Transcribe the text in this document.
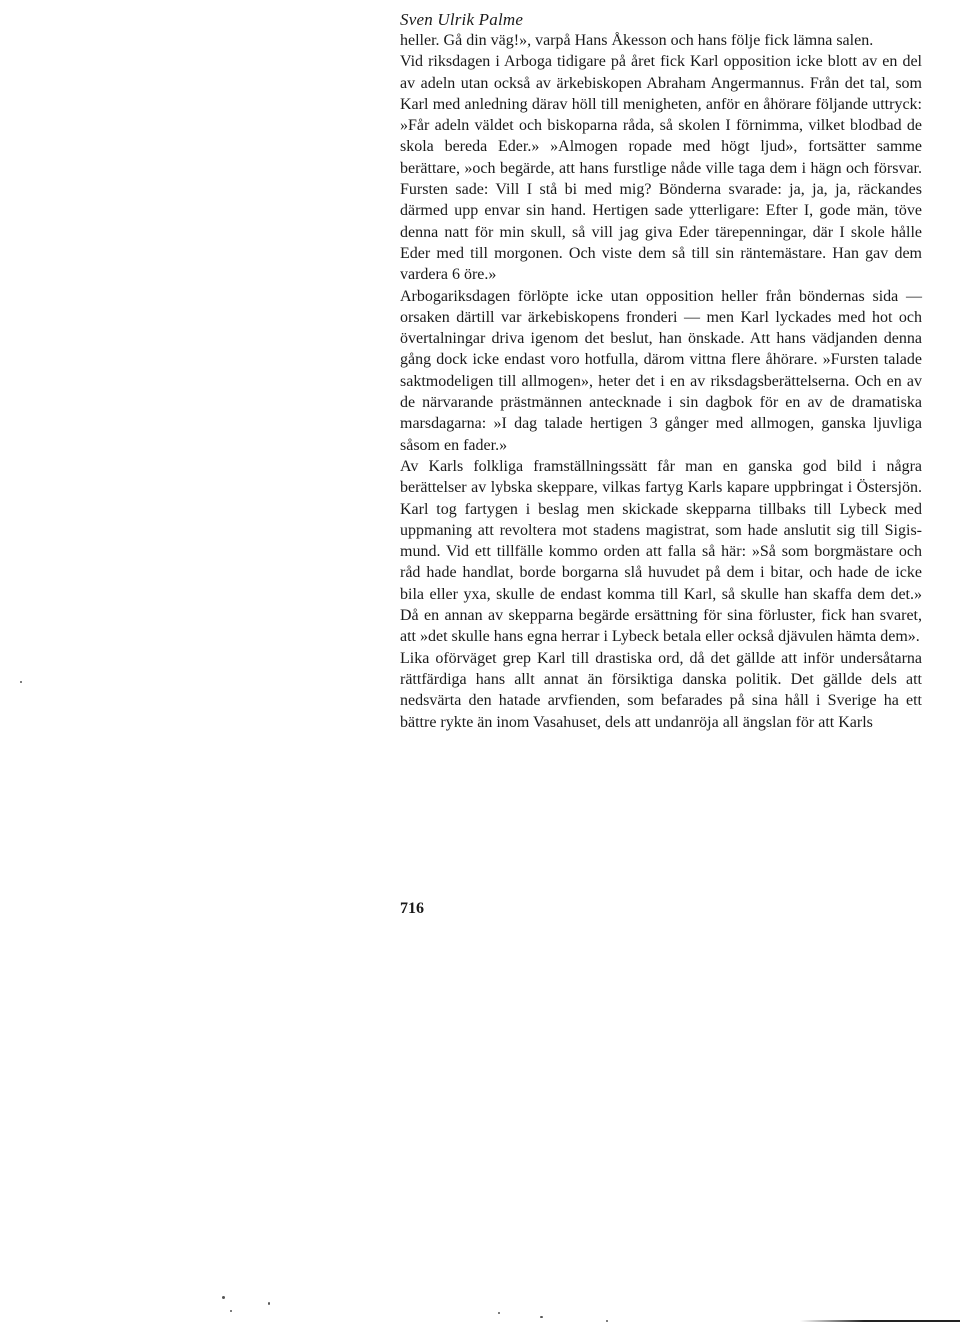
Sven Ulrik Palme

heller. Gå din väg!», varpå Hans Åkesson och hans följe fick lämna salen.

Vid riksdagen i Arboga tidigare på året fick Karl opposition icke blott av en del av adeln utan också av ärkebiskopen Abraham Angermannus. Från det tal, som Karl med anledning därav höll till menigheten, anför en åhörare följande uttryck: »Får adeln väldet och biskoparna råda, så skolen I förnimma, vilket blodbad de skola bereda Eder.» »Almogen ropade med högt ljud», fortsätter samme berättare, »och begärde, att hans furstlige nåde ville taga dem i hägn och försvar. Fursten sade: Vill I stå bi med mig? Bönderna svarade: ja, ja, ja, räckandes därmed upp envar sin hand. Hertigen sade ytterligare: Efter I, gode män, töve denna natt för min skull, så vill jag giva Eder tärepenningar, där I skole hålle Eder med till morgonen. Och viste dem så till sin räntemästare. Han gav dem vardera 6 öre.»

Arbogariksdagen förlöpte icke utan opposition heller från böndernas sida — orsaken därtill var ärkebiskopens fronderi — men Karl lyckades med hot och övertalningar driva igenom det beslut, han önskade. Att hans vädjanden denna gång dock icke endast voro hotfulla, därom vittna flere åhörare. »Fursten talade saktmodeligen till allmogen», heter det i en av riksdagsberättelserna. Och en av de närvarande prästmännen antecknade i sin dagbok för en av de dramatiska marsdagarna: »I dag talade hertigen 3 gånger med allmogen, ganska ljuvliga såsom en fader.»

Av Karls folkliga framställningssätt får man en ganska god bild i några berättelser av lybska skeppare, vilkas fartyg Karls kapare uppbringat i Östersjön. Karl tog fartygen i beslag men skickade skepparna tillbaks till Lybeck med uppmaning att revoltera mot stadens magistrat, som hade anslutit sig till Sigismund. Vid ett tillfälle kommo orden att falla så här: »Så som borgmästare och råd hade handlat, borde borgarna slå huvudet på dem i bitar, och hade de icke bila eller yxa, skulle de endast komma till Karl, så skulle han skaffa dem det.» Då en annan av skepparna begärde ersättning för sina förluster, fick han svaret, att »det skulle hans egna herrar i Lybeck betala eller också djävulen hämta dem».

Lika oförväget grep Karl till drastiska ord, då det gällde att inför undersåtarna rättfärdiga hans allt annat än försiktiga danska politik. Det gällde dels att nedsvärta den hatade arvfienden, som befarades på sina håll i Sverige ha ett bättre rykte än inom Vasahuset, dels att undanröja all ängslan för att Karls

716
